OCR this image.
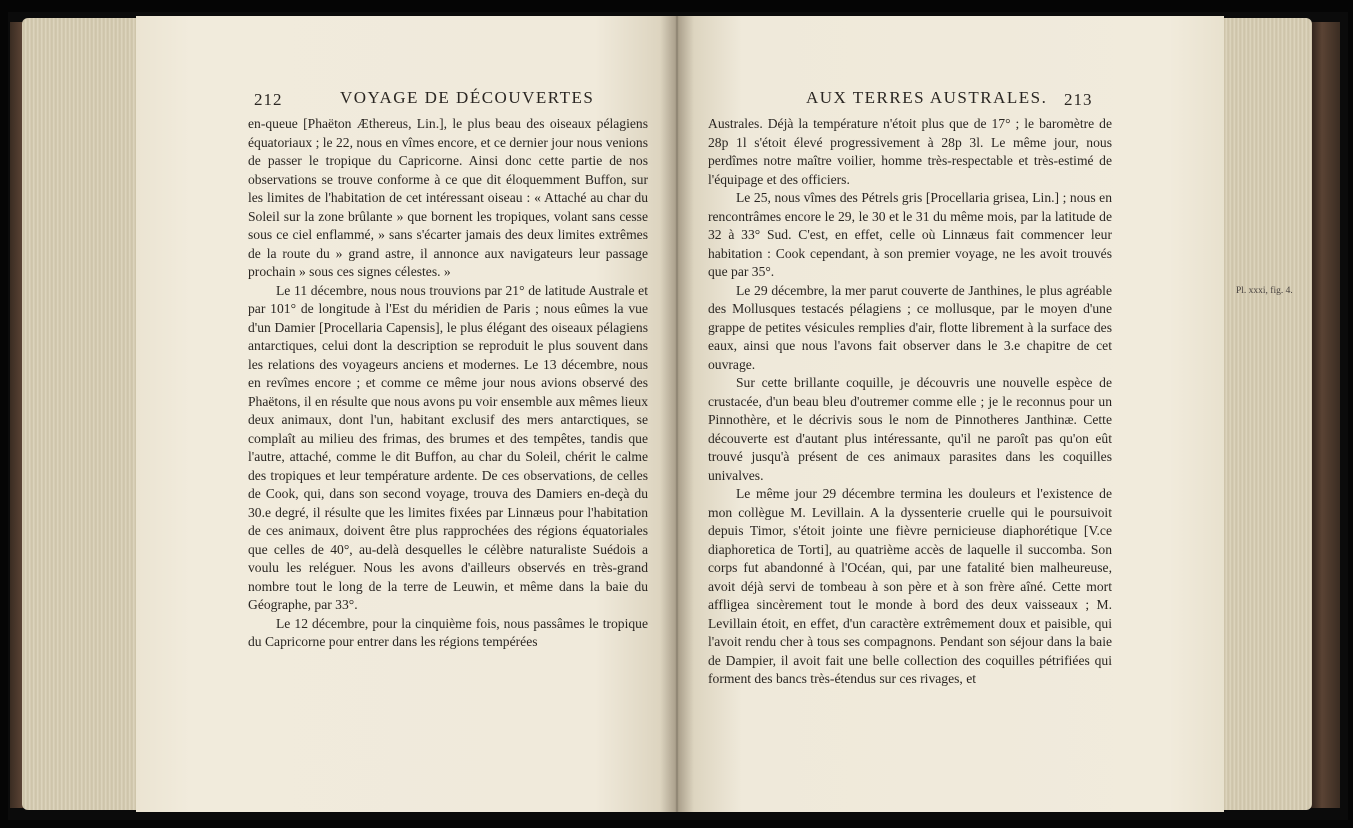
212	VOYAGE DE DÉCOUVERTES

en-queue [Phaëton Æthereus, Lin.], le plus beau des oiseaux pélagiens équatoriaux ; le 22, nous en vîmes encore, et ce dernier jour nous venions de passer le tropique du Capricorne. Ainsi donc cette partie de nos observations se trouve conforme à ce que dit éloquemment Buffon, sur les limites de l'habitation de cet intéressant oiseau : « Attaché au char du Soleil sur la zone brûlante » que bornent les tropiques, volant sans cesse sous ce ciel enflammé, » sans s'écarter jamais des deux limites extrêmes de la route du » grand astre, il annonce aux navigateurs leur passage prochain » sous ces signes célestes. »

Le 11 décembre, nous nous trouvions par 21° de latitude Australe et par 101° de longitude à l'Est du méridien de Paris ; nous eûmes la vue d'un Damier [Procellaria Capensis], le plus élégant des oiseaux pélagiens antarctiques, celui dont la description se reproduit le plus souvent dans les relations des voyageurs anciens et modernes. Le 13 décembre, nous en revîmes encore ; et comme ce même jour nous avions observé des Phaëtons, il en résulte que nous avons pu voir ensemble aux mêmes lieux deux animaux, dont l'un, habitant exclusif des mers antarctiques, se complaît au milieu des frimas, des brumes et des tempêtes, tandis que l'autre, attaché, comme le dit Buffon, au char du Soleil, chérit le calme des tropiques et leur température ardente. De ces observations, de celles de Cook, qui, dans son second voyage, trouva des Damiers en-deçà du 30.e degré, il résulte que les limites fixées par Linnæus pour l'habitation de ces animaux, doivent être plus rapprochées des régions équatoriales que celles de 40°, au-delà desquelles le célèbre naturaliste Suédois a voulu les reléguer. Nous les avons d'ailleurs observés en très-grand nombre tout le long de la terre de Leuwin, et même dans la baie du Géographe, par 33°.

Le 12 décembre, pour la cinquième fois, nous passâmes le tropique du Capricorne pour entrer dans les régions tempérées

AUX TERRES AUSTRALES. 213

Australes. Déjà la température n'étoit plus que de 17° ; le baromètre de 28p 1l s'étoit élevé progressivement à 28p 3l. Le même jour, nous perdîmes notre maître voilier, homme très-respectable et très-estimé de l'équipage et des officiers.

Le 25, nous vîmes des Pétrels gris [Procellaria grisea, Lin.] ; nous en rencontrâmes encore le 29, le 30 et le 31 du même mois, par la latitude de 32 à 33° Sud. C'est, en effet, celle où Linnæus fait commencer leur habitation : Cook cependant, à son premier voyage, ne les avoit trouvés que par 35°.

Le 29 décembre, la mer parut couverte de Janthines, le plus agréable des Mollusques testacés pélagiens ; ce mollusque, par le moyen d'une grappe de petites vésicules remplies d'air, flotte librement à la surface des eaux, ainsi que nous l'avons fait observer dans le 3.e chapitre de cet ouvrage.

Sur cette brillante coquille, je découvris une nouvelle espèce de crustacée, d'un beau bleu d'outremer comme elle ; je le reconnus pour un Pinnothère, et le décrivis sous le nom de Pinnotheres Janthinæ. Cette découverte est d'autant plus intéressante, qu'il ne paroît pas qu'on eût trouvé jusqu'à présent de ces animaux parasites dans les coquilles univalves.

Le même jour 29 décembre termina les douleurs et l'existence de mon collègue M. Levillain. A la dyssenterie cruelle qui le poursuivoit depuis Timor, s'étoit jointe une fièvre pernicieuse diaphorétique [V.ce diaphoretica de Torti], au quatrième accès de laquelle il succomba. Son corps fut abandonné à l'Océan, qui, par une fatalité bien malheureuse, avoit déjà servi de tombeau à son père et à son frère aîné. Cette mort affligea sincèrement tout le monde à bord des deux vaisseaux ; M. Levillain étoit, en effet, d'un caractère extrêmement doux et paisible, qui l'avoit rendu cher à tous ses compagnons. Pendant son séjour dans la baie de Dampier, il avoit fait une belle collection des coquilles pétrifiées qui forment des bancs très-étendus sur ces rivages, et

Pl. xxxi, fig. 4.
